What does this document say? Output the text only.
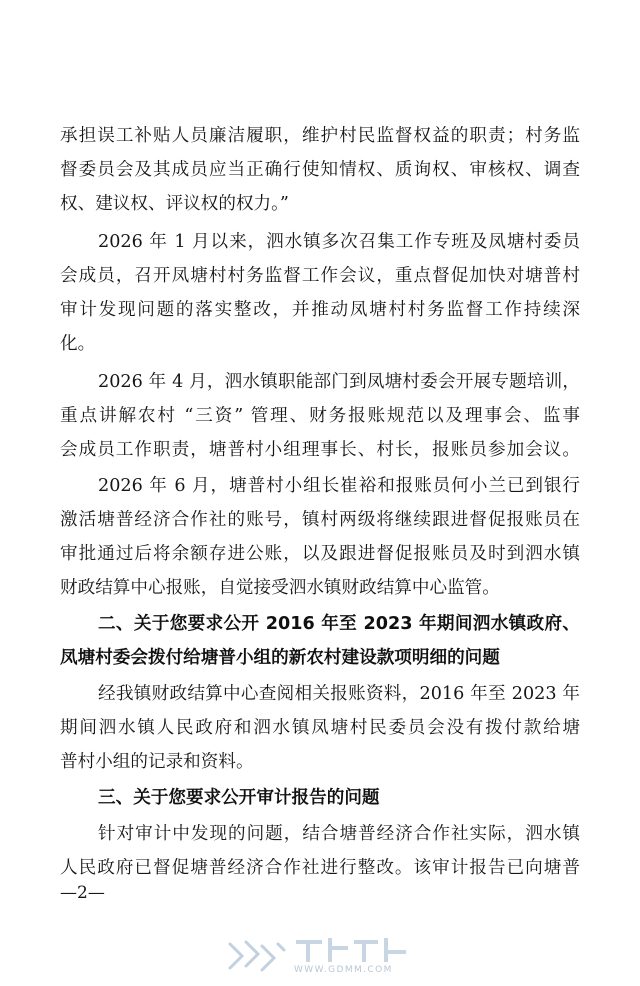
承担误工补贴人员廉洁履职，维护村民监督权益的职责；村务监
督委员会及其成员应当正确行使知情权、质询权、审核权、调查
权、建议权、评议权的权力。”
2026 年 1 月以来，泗水镇多次召集工作专班及凤塘村委员
会成员，召开凤塘村村务监督工作会议，重点督促加快对塘普村
审计发现问题的落实整改，并推动凤塘村村务监督工作持续深
化。
2026 年 4 月，泗水镇职能部门到凤塘村委会开展专题培训，
重点讲解农村 “三资” 管理、财务报账规范以及理事会、监事
会成员工作职责，塘普村小组理事长、村长，报账员参加会议。
2026 年 6 月，塘普村小组长崔裕和报账员何小兰已到银行
激活塘普经济合作社的账号，镇村两级将继续跟进督促报账员在
审批通过后将余额存进公账，以及跟进督促报账员及时到泗水镇
财政结算中心报账，自觉接受泗水镇财政结算中心监管。
二、关于您要求公开 2016 年至 2023 年期间泗水镇政府、
凤塘村委会拨付给塘普小组的新农村建设款项明细的问题
经我镇财政结算中心查阅相关报账资料，2016 年至 2023 年
期间泗水镇人民政府和泗水镇凤塘村民委员会没有拨付款给塘
普村小组的记录和资料。
三、关于您要求公开审计报告的问题
针对审计中发现的问题，结合塘普经济合作社实际，泗水镇
人民政府已督促塘普经济合作社进行整改。该审计报告已向塘普
—2—
WWW.GDMM.COM
